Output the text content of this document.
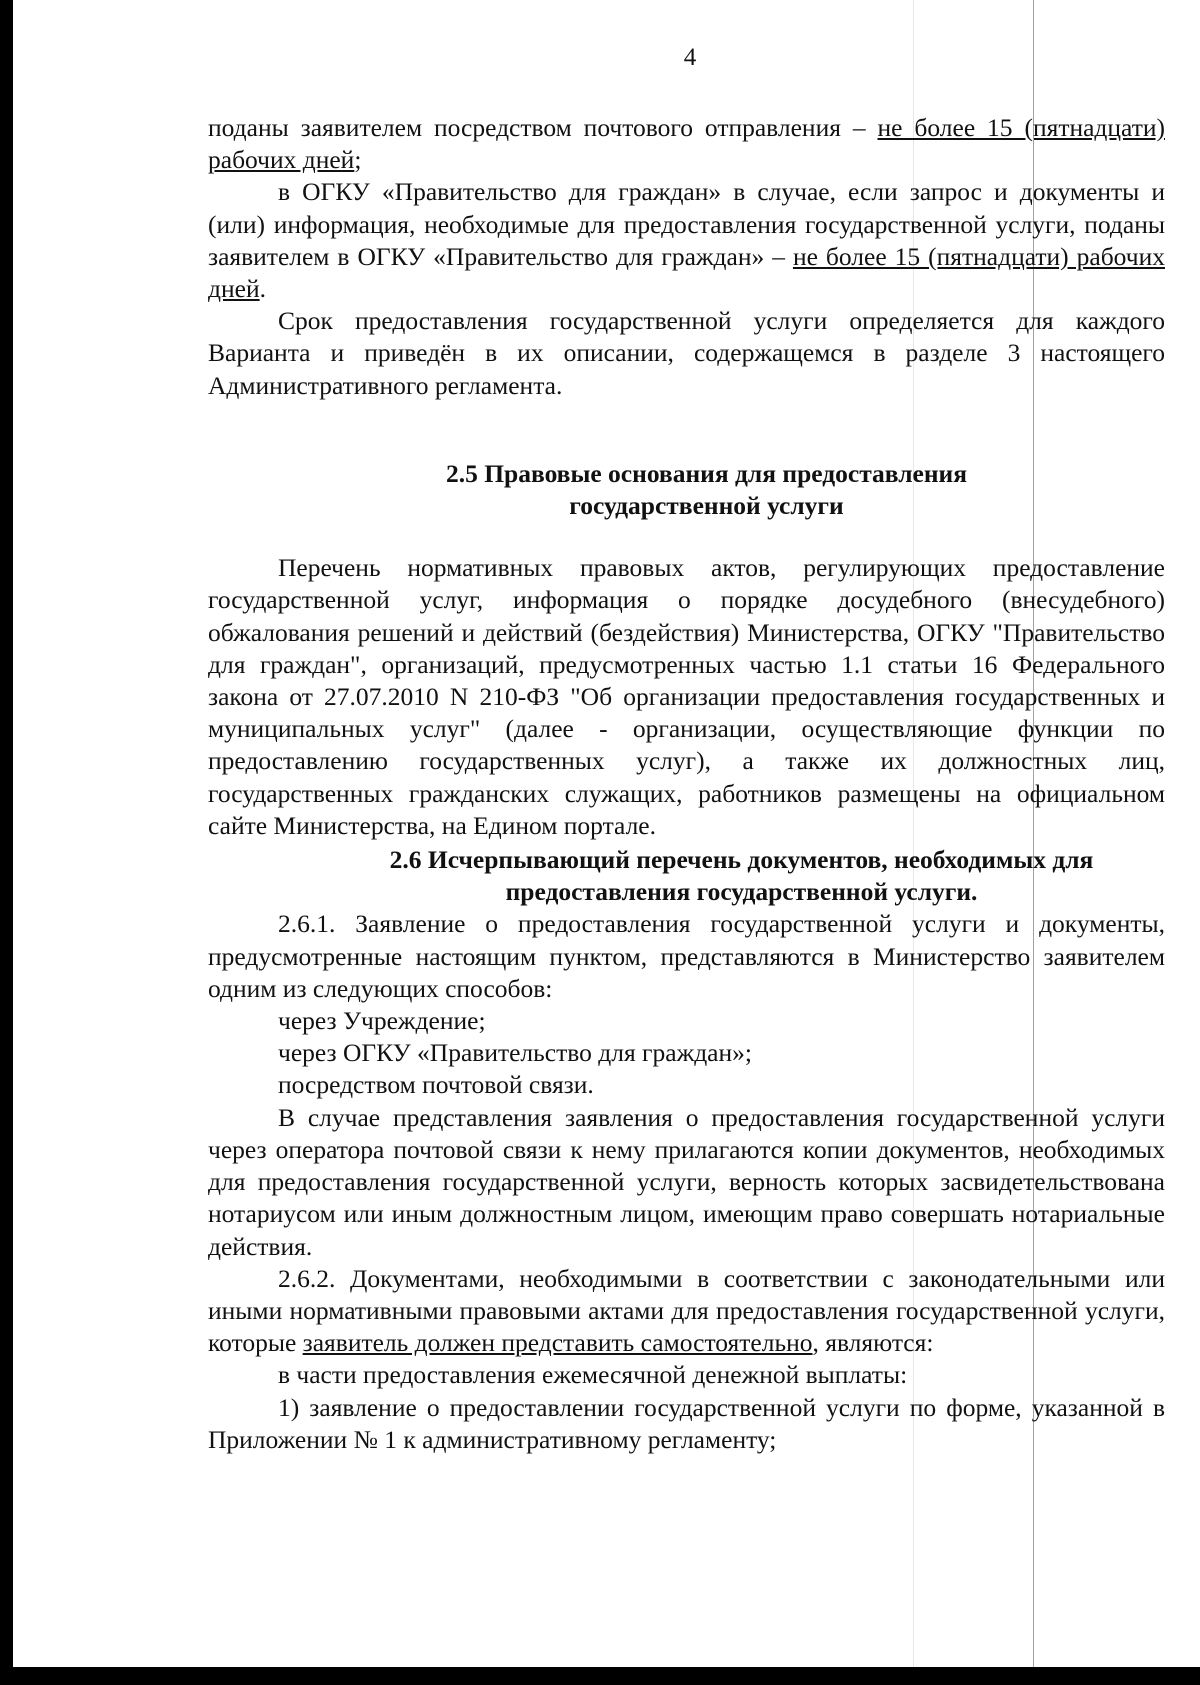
4

поданы заявителем посредством почтового отправления – не более 15 (пятнадцати) рабочих дней;

в ОГКУ «Правительство для граждан» в случае, если запрос и документы и (или) информация, необходимые для предоставления государственной услуги, поданы заявителем в ОГКУ «Правительство для граждан» – не более 15 (пятнадцати) рабочих дней.

Срок предоставления государственной услуги определяется для каждого Варианта и приведён в их описании, содержащемся в разделе 3 настоящего Административного регламента.

2.5 Правовые основания для предоставления
государственной услуги

Перечень нормативных правовых актов, регулирующих предоставление государственной услуг, информация о порядке досудебного (внесудебного) обжалования решений и действий (бездействия) Министерства, ОГКУ "Правительство для граждан", организаций, предусмотренных частью 1.1 статьи 16 Федерального закона от 27.07.2010 N 210-ФЗ "Об организации предоставления государственных и муниципальных услуг" (далее - организации, осуществляющие функции по предоставлению государственных услуг), а также их должностных лиц, государственных гражданских служащих, работников размещены на официальном сайте Министерства, на Едином портале.

2.6 Исчерпывающий перечень документов, необходимых для
предоставления государственной услуги.

2.6.1. Заявление о предоставления государственной услуги и документы, предусмотренные настоящим пунктом, представляются в Министерство заявителем одним из следующих способов:

через Учреждение;

через ОГКУ «Правительство для граждан»;

посредством почтовой связи.

В случае представления заявления о предоставления государственной услуги через оператора почтовой связи к нему прилагаются копии документов, необходимых для предоставления государственной услуги, верность которых засвидетельствована нотариусом или иным должностным лицом, имеющим право совершать нотариальные действия.

2.6.2. Документами, необходимыми в соответствии с законодательными или иными нормативными правовыми актами для предоставления государственной услуги, которые заявитель должен представить самостоятельно, являются:

в части предоставления ежемесячной денежной выплаты:

1) заявление о предоставлении государственной услуги по форме, указанной в Приложении № 1 к административному регламенту;
